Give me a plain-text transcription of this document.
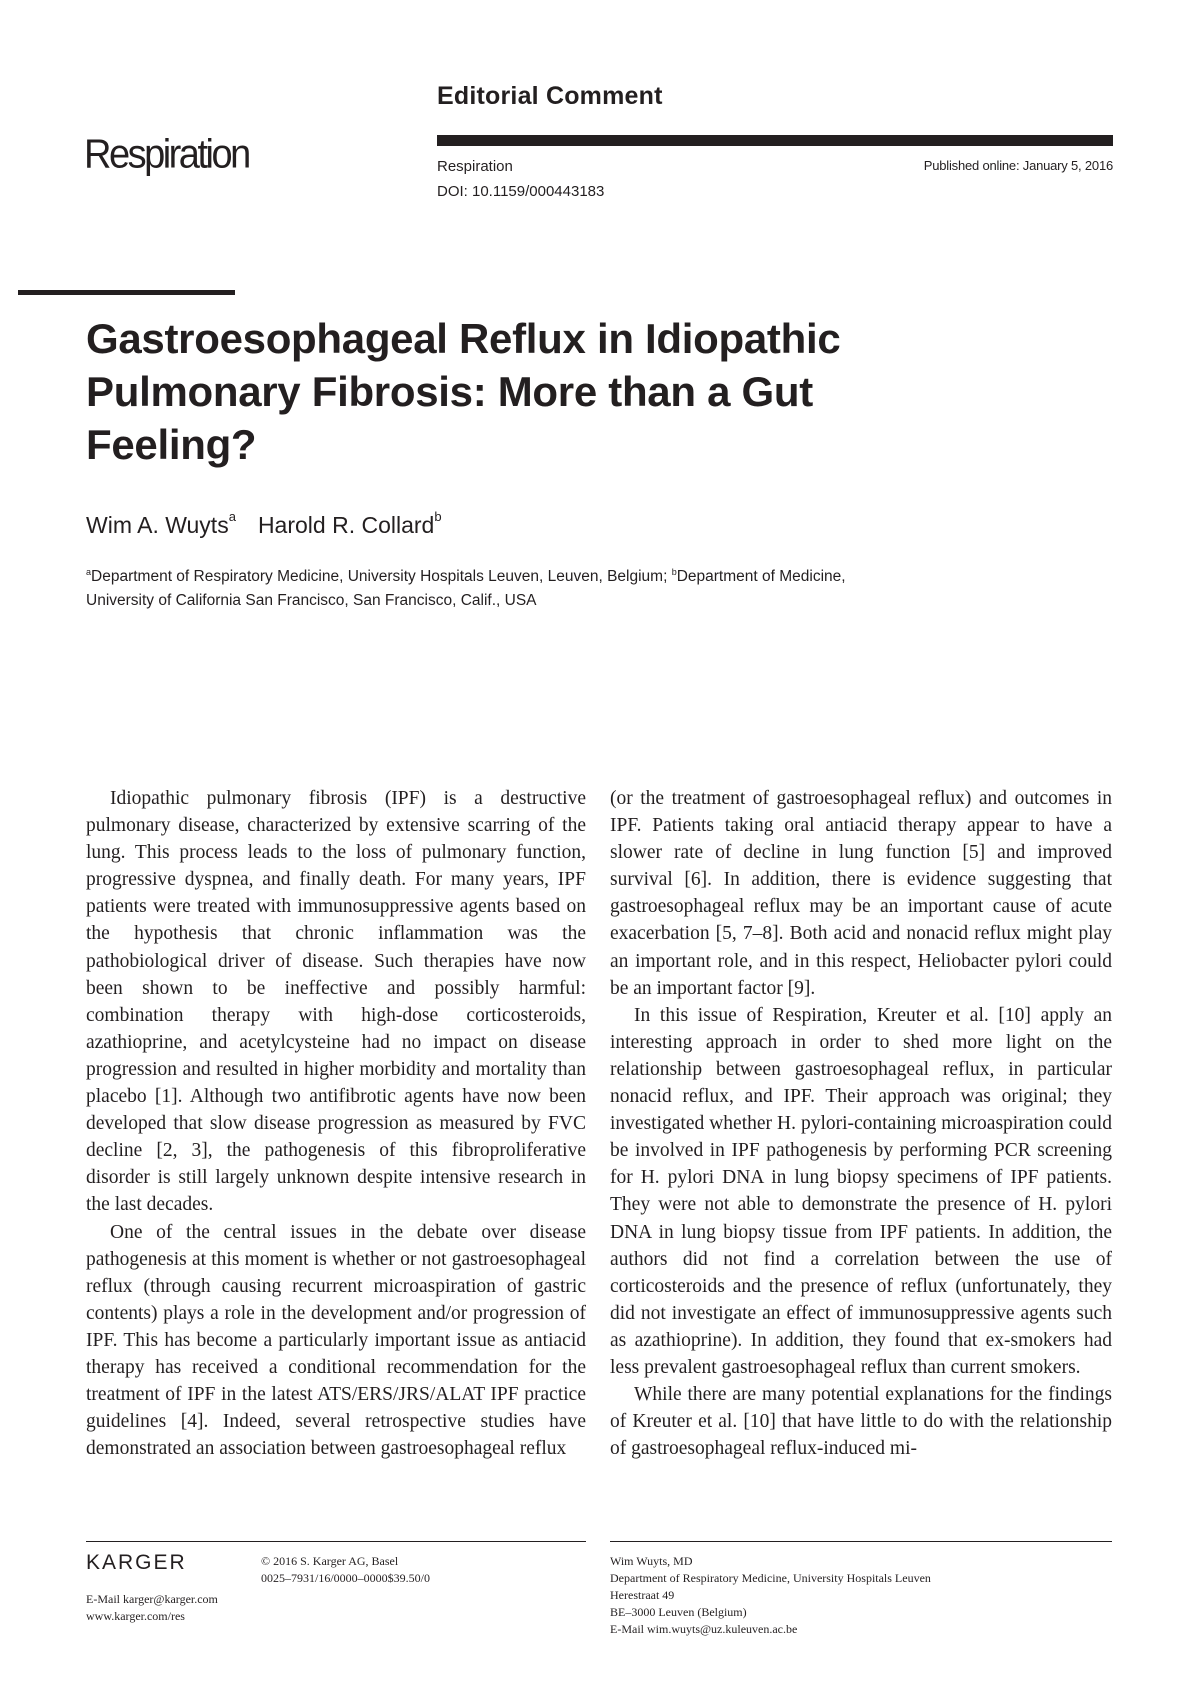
Editorial Comment
Respiration	Respiration
DOI: 10.1159/000443183
Published online: January 5, 2016
Gastroesophageal Reflux in Idiopathic Pulmonary Fibrosis: More than a Gut Feeling?
Wim A. Wuyts$^a$ Harold R. Collard$^b$
$^a$Department of Respiratory Medicine, University Hospitals Leuven, Leuven, Belgium; $^b$Department of Medicine,
University of California San Francisco, San Francisco, Calif., USA

Idiopathic pulmonary fibrosis (IPF) is a destructive pulmonary disease, characterized by extensive scarring of the lung. This process leads to the loss of pulmonary function, progressive dyspnea, and finally death. For many years, IPF patients were treated with immunosuppressive agents based on the hypothesis that chronic inflammation was the pathobiological driver of disease. Such therapies have now been shown to be ineffective and possibly harmful: combination therapy with high-dose corticosteroids, azathioprine, and acetylcysteine had no impact on disease progression and resulted in higher morbidity and mortality than placebo [1]. Although two antifibrotic agents have now been developed that slow disease progression as measured by FVC decline [2, 3], the pathogenesis of this fibroproliferative disorder is still largely unknown despite intensive research in the last decades.

One of the central issues in the debate over disease pathogenesis at this moment is whether or not gastroesophageal reflux (through causing recurrent microaspiration of gastric contents) plays a role in the development and/or progression of IPF. This has become a particularly important issue as antiacid therapy has received a conditional recommendation for the treatment of IPF in the latest ATS/ERS/JRS/ALAT IPF practice guidelines [4]. Indeed, several retrospective studies have demonstrated an association between gastroesophageal reflux

(or the treatment of gastroesophageal reflux) and outcomes in IPF. Patients taking oral antiacid therapy appear to have a slower rate of decline in lung function [5] and improved survival [6]. In addition, there is evidence suggesting that gastroesophageal reflux may be an important cause of acute exacerbation [5, 7–8]. Both acid and nonacid reflux might play an important role, and in this respect, Heliobacter pylori could be an important factor [9].

In this issue of Respiration, Kreuter et al. [10] apply an interesting approach in order to shed more light on the relationship between gastroesophageal reflux, in particular nonacid reflux, and IPF. Their approach was original; they investigated whether H. pylori-containing microaspiration could be involved in IPF pathogenesis by performing PCR screening for H. pylori DNA in lung biopsy specimens of IPF patients. They were not able to demonstrate the presence of H. pylori DNA in lung biopsy tissue from IPF patients. In addition, the authors did not find a correlation between the use of corticosteroids and the presence of reflux (unfortunately, they did not investigate an effect of immunosuppressive agents such as azathioprine). In addition, they found that ex-smokers had less prevalent gastroesophageal reflux than current smokers.

While there are many potential explanations for the findings of Kreuter et al. [10] that have little to do with the relationship of gastroesophageal reflux-induced mi-

KARGER	© 2016 S. Karger AG, Basel
0025–7931/16/0000–0000$39.50/0
E-Mail karger@karger.com
www.karger.com/res
Wim Wuyts, MD
Department of Respiratory Medicine, University Hospitals Leuven
Herestraat 49
BE–3000 Leuven (Belgium)
E-Mail wim.wuyts@uz.kuleuven.ac.be
